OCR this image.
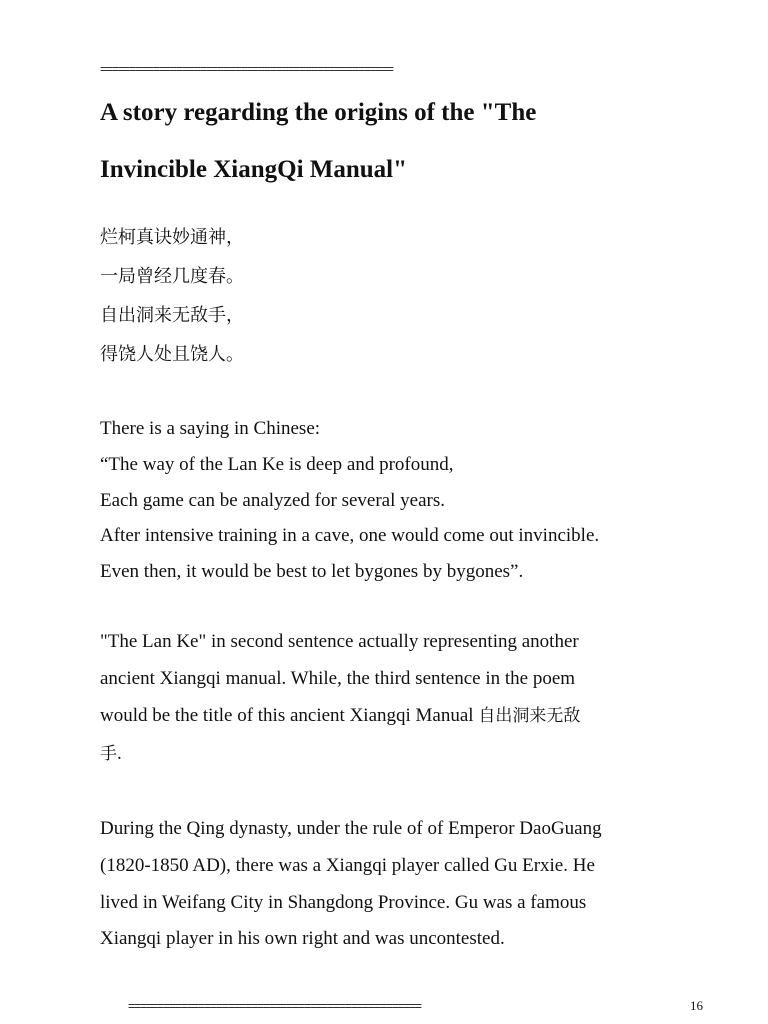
==================================================
A story regarding the origins of the "The
Invincible XiangQi Manual"
烂柯真诀妙通神，
一局曾经几度春。
自出洞来无敌手，
得饶人处且饶人。
There is a saying in Chinese:
“The way of the Lan Ke is deep and profound,
Each game can be analyzed for several years.
After intensive training in a cave, one would come out invincible.
Even then, it would be best to let bygones by bygones”.
"The Lan Ke" in second sentence actually representing another
ancient Xiangqi manual. While, the third sentence in the poem
would be the title of this ancient Xiangqi Manual 自出洞来无敌
手.
During the Qing dynasty, under the rule of of Emperor DaoGuang
(1820-1850 AD), there was a Xiangqi player called Gu Erxie. He
lived in Weifang City in Shangdong Province. Gu was a famous
Xiangqi player in his own right and was uncontested.
==================================================	16
